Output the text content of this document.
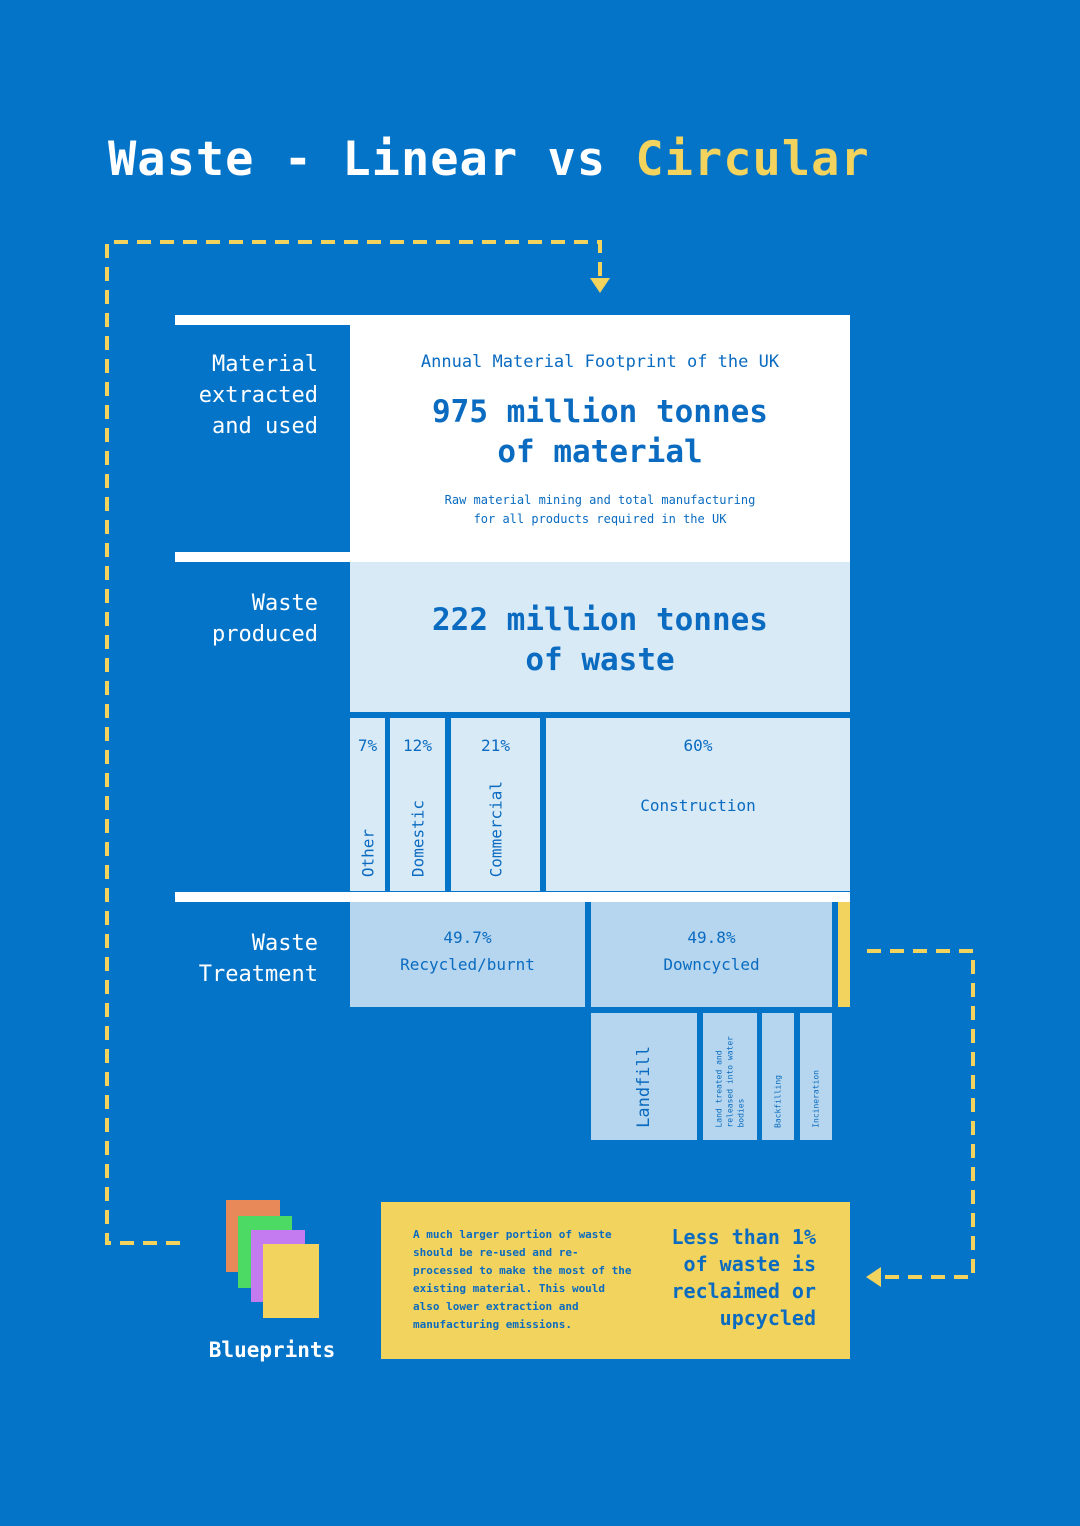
Waste - Linear vs Circular
Material
extracted
and used
Waste
produced
Waste
Treatment
Annual Material Footprint of the UK
975 million tonnes
of material
Raw material mining and total manufacturing
for all products required in the UK
222 million tonnes
of waste
7%
Other
12%
Domestic
21%
Commercial
60%
Construction
49.7%
Recycled/burnt
49.8%
Downcycled
Landfill	Land treated and
released into water
bodies	Backfilling	Incineration
Blueprints
A much larger portion of waste should be re-used and re-processed to make the most of the existing material. This would also lower extraction and manufacturing emissions.
Less than 1%
of waste is
reclaimed or
upcycled
